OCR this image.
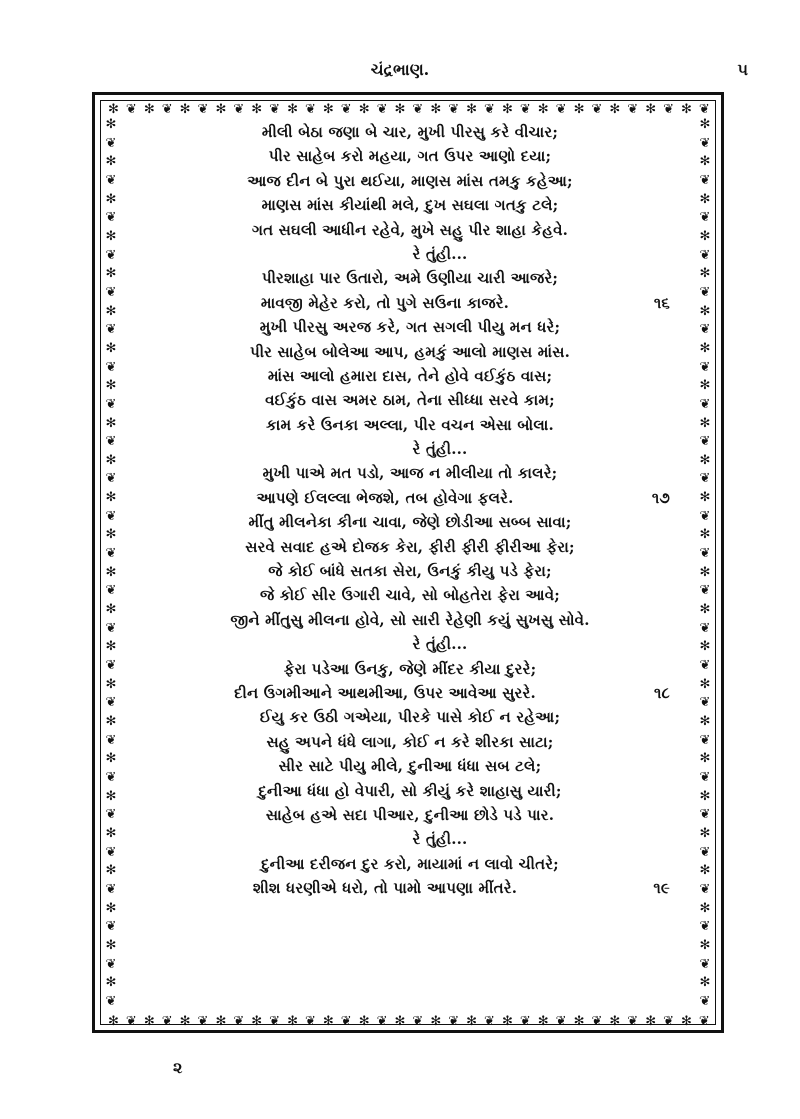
ચંદ્રભાણ.	૫
✻ ❦ ✻ ❦ ✻ ❦ ✻ ❦ ✻ ❦ ✻ ❦ ✻ ❦ ✻ ❦ ✻ ❦ ✻ ❦ ✻ ❦ ✻ ❦ ✻ ❦ ✻ ❦ ✻ ❦ ✻ ❦ ✻ ❦
✻ ❦ ✻ ❦ ✻ ❦ ✻ ❦ ✻ ❦ ✻ ❦ ✻ ❦ ✻ ❦ ✻ ❦ ✻ ❦ ✻ ❦ ✻ ❦ ✻ ❦ ✻ ❦ ✻ ❦ ✻ ❦ ✻ ❦
✻
❦
✻
❦
✻
❦
✻
❦
✻
❦
✻
❦
✻
❦
✻
❦
✻
❦
✻
❦
✻
❦
✻
❦
✻
❦
✻
❦
✻
❦
✻
❦
✻
❦
✻
❦
✻
❦
✻
❦
✻
❦
✻
❦
✻
❦
✻
❦
✻
❦
✻
❦
✻
❦
✻
❦
✻
❦
✻
❦
✻
❦
✻
❦
✻
❦
✻
❦
✻
❦
✻
❦
✻
❦
✻
❦
✻
❦
✻
❦
✻
❦
✻
❦
✻
❦
✻
❦
✻
❦
✻
❦
✻
❦
✻
❦
મીલી બેઠા જણા બે ચાર, મુખી પીરસુ કરે વીચાર;
પીર સાહેબ કરો મહયા, ગત ઉપર આણો દયા;
આજ દીન બે પુરા થઈયા, માણસ માંસ તમકુ કહેઆ;
માણસ માંસ કીયાંથી મલે, દુખ સઘલા ગતકુ ટલે;
ગત સઘલી આધીન રહેવે, મુખે સહુ પીર શાહા કેહવે.
રે તુંહી...
પીરશાહા પાર ઉતારો, અમે ઉણીયા ચારી આજરે;
માવજી મેહેર કરો, તો પુગે સઉના કાજરે.	૧૬
મુખી પીરસુ અરજ કરે, ગત સગલી પીયુ મન ધરે;
પીર સાહેબ બોલેઆ આપ, હમકું આલો માણસ માંસ.
માંસ આલો હમારા દાસ, તેને હોવે વઈકુંઠ વાસ;
વઈકુંઠ વાસ અમર ઠામ, તેના સીધ્ધા સરવે કામ;
કામ કરે ઉનકા અલ્લા, પીર વચન એસા બોલા.
રે તુંહી...
મુખી પાએ મત પડો, આજ ન મીલીયા તો કાલરે;
આપણે ઈલલ્લા ભેજશે, તબ હોવેગા ફલરે.	૧૭
મીંતુ મીલનેકા કીના ચાવા, જેણે છોડીઆ સબ્બ સાવા;
સરવે સવાદ હએ દોજક કેરા, ફીરી ફીરી ફીરીઆ ફેરા;
જે કોઈ બાંધે સતકા સેરા, ઉનકું કીયુ પડે ફેરા;
જે કોઈ સીર ઉગારી ચાવે, સો બોહતેરા ફેરા આવે;
જીને મીંતુસુ મીલના હોવે, સો સારી રેહેણી કયું સુખસુ સોવે.
રે તુંહી...
ફેરા પડેઆ ઉનકુ, જેણે મીંદર કીયા દુરરે;
દીન ઉગમીઆને આથમીઆ, ઉપર આવેઆ સુરરે.	૧૮
ઈયુ કર ઉઠી ગએયા, પીરકે પાસે કોઈ ન રહેઆ;
સહુ અપને ધંધે લાગા, કોઈ ન કરે શીરકા સાટા;
સીર સાટે પીયુ મીલે, દુનીઆ ધંધા સબ ટલે;
દુનીઆ ધંધા હો વેપારી, સો કીયું કરે શાહાસુ યારી;
સાહેબ હએ સદા પીઆર, દુનીઆ છોડે પડે પાર.
રે તુંહી...
દુનીઆ દરીજન દુર કરો, માયામાં ન લાવો ચીતરે;
શીશ ધરણીએ ધરો, તો પામો આપણા મીંતરે.	૧૯
૨
